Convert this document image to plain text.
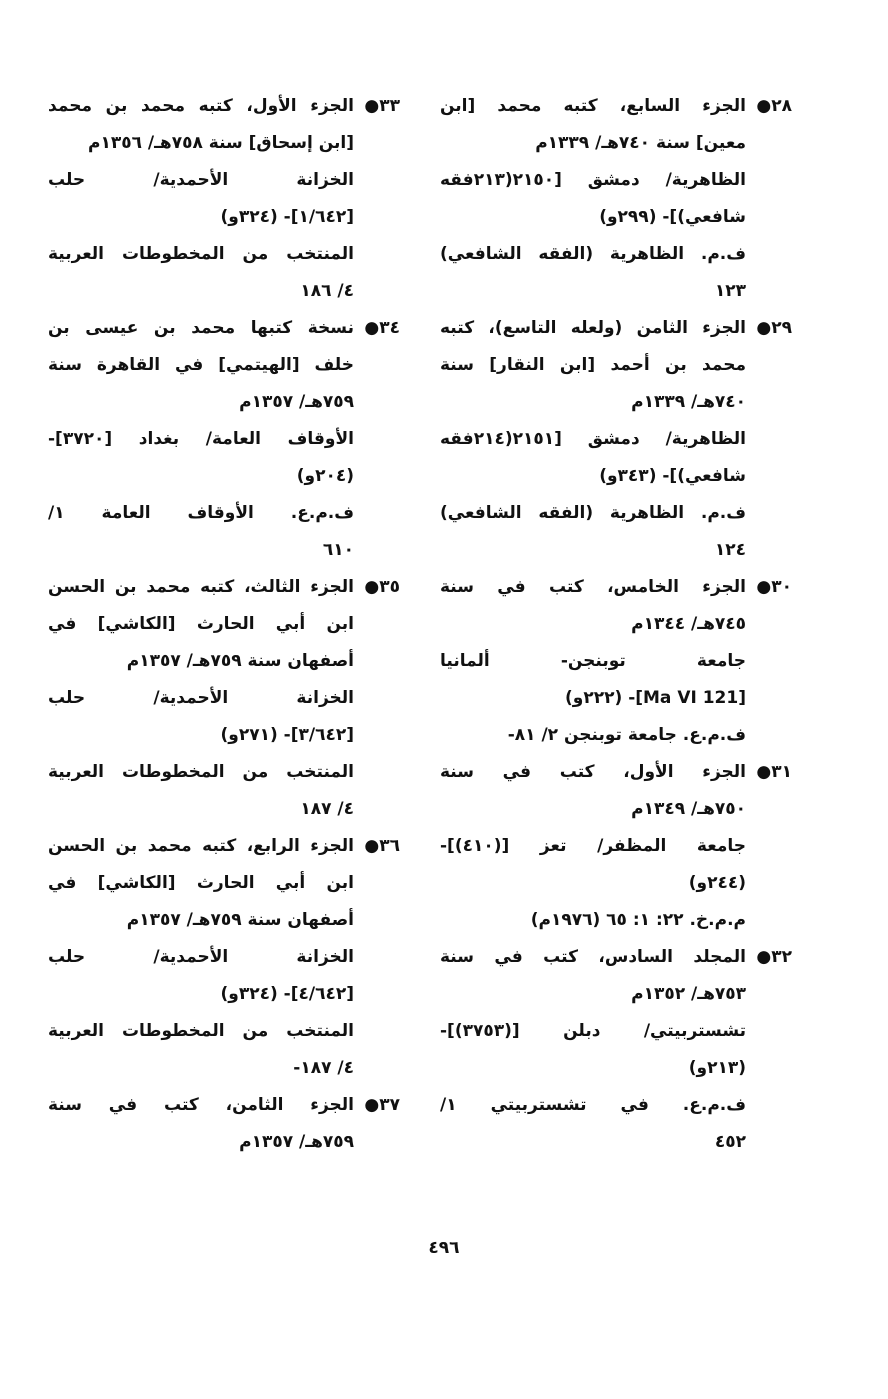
٢٨●
الجزء السابع، كتبه محمد [ابن
معين] سنة ٧٤٠هـ/ ١٣٣٩م
الظاهرية/ دمشق [٢١٥٠(٢١٣فقه
شافعي)]- (٢٩٩و)
ف.م. الظاهرية (الفقه الشافعي)
١٢٣
٢٩●
الجزء الثامن (ولعله التاسع)، كتبه
محمد بن أحمد [ابن النقار] سنة
٧٤٠هـ/ ١٣٣٩م
الظاهرية/ دمشق [٢١٥١(٢١٤فقه
شافعي)]- (٣٤٣و)
ف.م. الظاهرية (الفقه الشافعي)
١٢٤
٣٠●
الجزء الخامس، كتب في سنة
٧٤٥هـ/ ١٣٤٤م
جامعة توبنجن- ألمانيا
[Ma VI 121]- (٢٢٢و)
ف.م.ع. جامعة توبنجن ٢/ ٨١-
٣١●
الجزء الأول، كتب في سنة
٧٥٠هـ/ ١٣٤٩م
جامعة المظفر/ تعز [(٤١٠)]-
(٢٤٤و)
م.م.خ. ٢٢: ١: ٦٥ (١٩٧٦م)
٣٢●
المجلد السادس، كتب في سنة
٧٥٣هـ/ ١٣٥٢م
تشستربيتي/ دبلن [(٣٧٥٣)]-
(٢١٣و)
ف.م.ع. في تشستربيتي ١/
٤٥٢
٣٣●
الجزء الأول، كتبه محمد بن محمد
[ابن إسحاق] سنة ٧٥٨هـ/ ١٣٥٦م
الخزانة الأحمدية/ حلب
[١/٦٤٢]- (٣٢٤و)
المنتخب من المخطوطات العربية
٤/ ١٨٦
٣٤●
نسخة كتبها محمد بن عيسى بن
خلف [الهيتمي] في القاهرة سنة
٧٥٩هـ/ ١٣٥٧م
الأوقاف العامة/ بغداد [٣٧٢٠]-
(٢٠٤و)
ف.م.ع. الأوقاف العامة ١/
٦١٠
٣٥●
الجزء الثالث، كتبه محمد بن الحسن
ابن أبي الحارث [الكاشي] في
أصفهان سنة ٧٥٩هـ/ ١٣٥٧م
الخزانة الأحمدية/ حلب
[٣/٦٤٢]- (٢٧١و)
المنتخب من المخطوطات العربية
٤/ ١٨٧
٣٦●
الجزء الرابع، كتبه محمد بن الحسن
ابن أبي الحارث [الكاشي] في
أصفهان سنة ٧٥٩هـ/ ١٣٥٧م
الخزانة الأحمدية/ حلب
[٤/٦٤٢]- (٣٢٤و)
المنتخب من المخطوطات العربية
٤/ ١٨٧-
٣٧●
الجزء الثامن، كتب في سنة
٧٥٩هـ/ ١٣٥٧م
٤٩٦
